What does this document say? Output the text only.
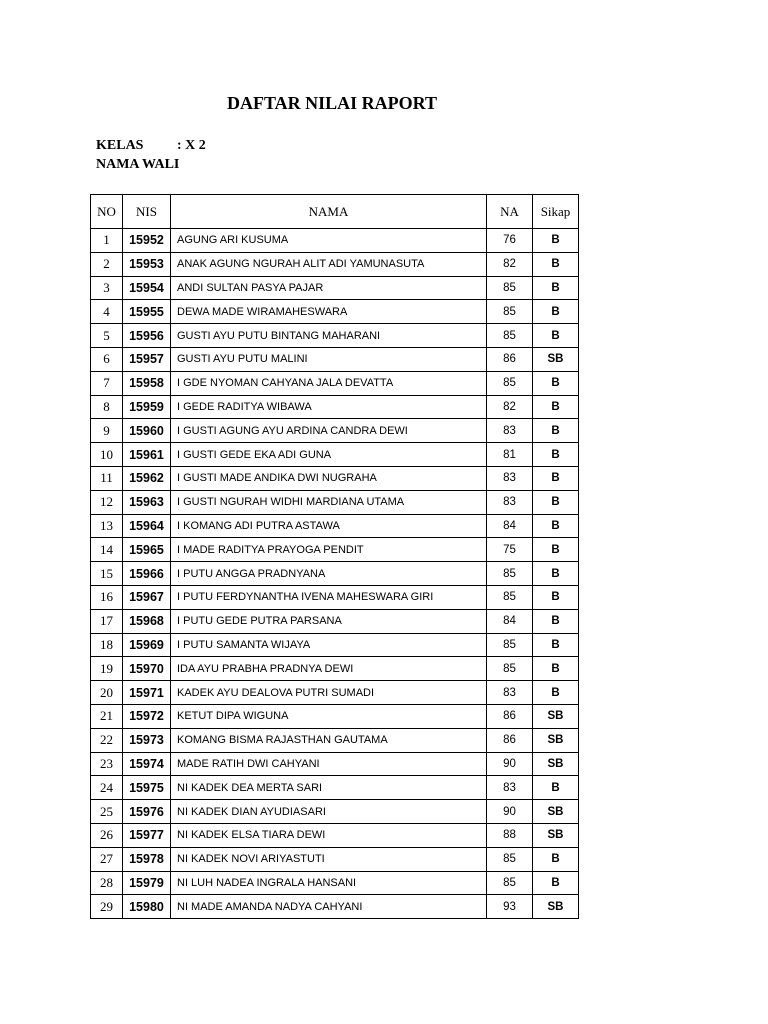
DAFTAR NILAI RAPORT
KELAS	: X 2
NAMA WALI
NO	NIS	NAMA	NA	Sikap
1	15952	AGUNG ARI KUSUMA	76	B
2	15953	ANAK AGUNG NGURAH ALIT ADI YAMUNASUTA	82	B
3	15954	ANDI SULTAN PASYA PAJAR	85	B
4	15955	DEWA MADE WIRAMAHESWARA	85	B
5	15956	GUSTI AYU PUTU BINTANG MAHARANI	85	B
6	15957	GUSTI AYU PUTU MALINI	86	SB
7	15958	I GDE NYOMAN CAHYANA JALA DEVATTA	85	B
8	15959	I GEDE RADITYA WIBAWA	82	B
9	15960	I GUSTI AGUNG AYU ARDINA CANDRA DEWI	83	B
10	15961	I GUSTI GEDE EKA ADI GUNA	81	B
11	15962	I GUSTI MADE ANDIKA DWI NUGRAHA	83	B
12	15963	I GUSTI NGURAH WIDHI MARDIANA UTAMA	83	B
13	15964	I KOMANG ADI PUTRA ASTAWA	84	B
14	15965	I MADE RADITYA PRAYOGA PENDIT	75	B
15	15966	I PUTU ANGGA PRADNYANA	85	B
16	15967	I PUTU FERDYNANTHA IVENA MAHESWARA GIRI	85	B
17	15968	I PUTU GEDE PUTRA PARSANA	84	B
18	15969	I PUTU SAMANTA WIJAYA	85	B
19	15970	IDA AYU PRABHA PRADNYA DEWI	85	B
20	15971	KADEK AYU DEALOVA PUTRI SUMADI	83	B
21	15972	KETUT DIPA WIGUNA	86	SB
22	15973	KOMANG BISMA RAJASTHAN GAUTAMA	86	SB
23	15974	MADE RATIH DWI CAHYANI	90	SB
24	15975	NI KADEK DEA MERTA SARI	83	B
25	15976	NI KADEK DIAN AYUDIASARI	90	SB
26	15977	NI KADEK ELSA TIARA DEWI	88	SB
27	15978	NI KADEK NOVI ARIYASTUTI	85	B
28	15979	NI LUH NADEA INGRALA HANSANI	85	B
29	15980	NI MADE AMANDA NADYA CAHYANI	93	SB
